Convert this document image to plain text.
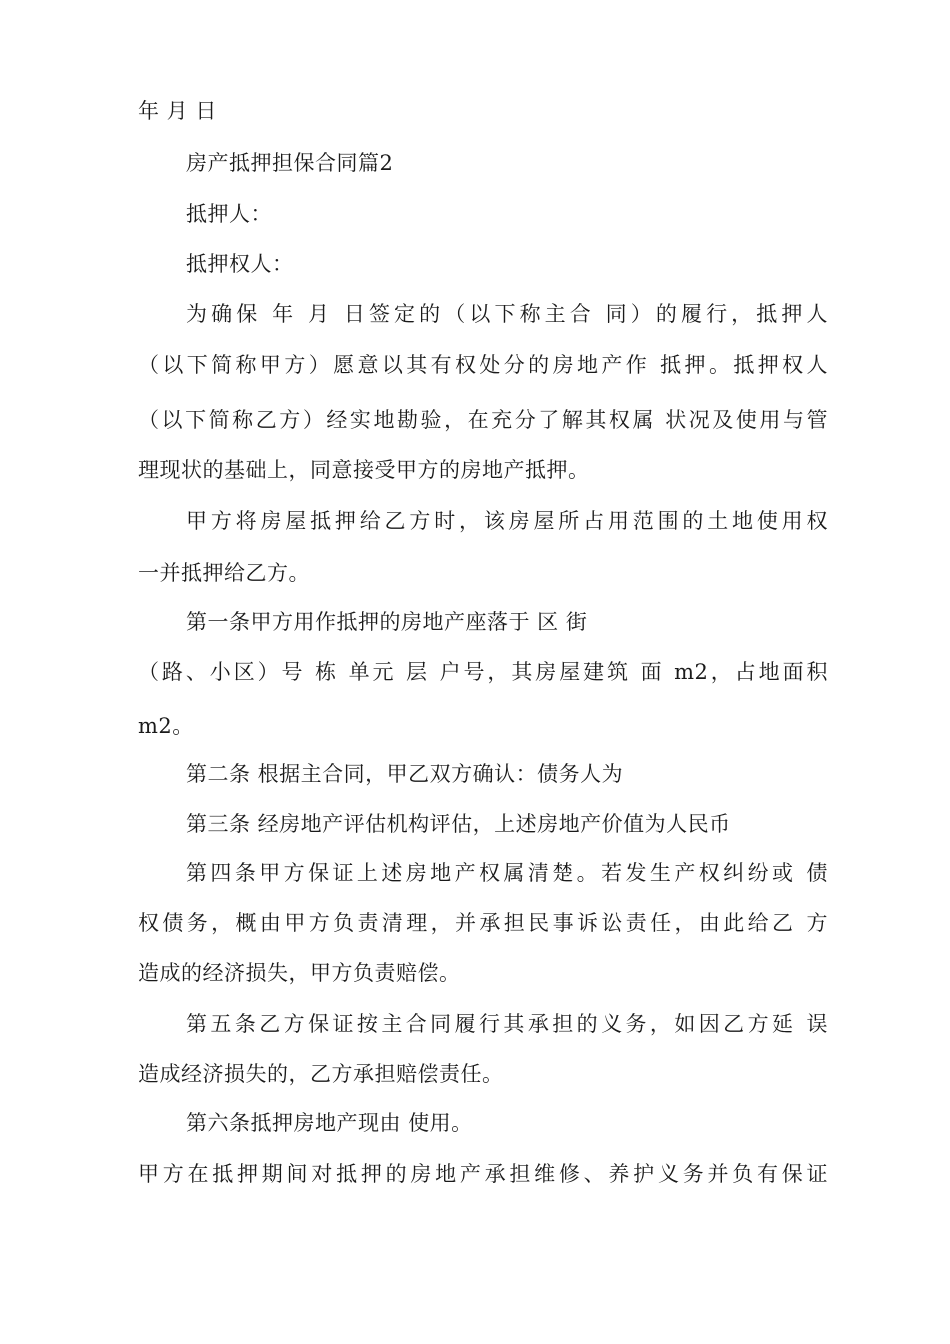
年 月 日
房产抵押担保合同篇2
抵押人：
抵押权人：
为确保 年 月 日签定的（以下称主合 同）的履行，抵押人
（以下简称甲方）愿意以其有权处分的房地产作 抵押。抵押权人
（以下简称乙方）经实地勘验，在充分了解其权属 状况及使用与管
理现状的基础上，同意接受甲方的房地产抵押。
甲方将房屋抵押给乙方时，该房屋所占用范围的土地使用权
一并抵押给乙方。
第一条甲方用作抵押的房地产座落于 区 街
（路、小区）号 栋 单元 层 户号，其房屋建筑 面 m2，占地面积
m2。
第二条 根据主合同，甲乙双方确认：债务人为
第三条 经房地产评估机构评估，上述房地产价值为人民币
第四条甲方保证上述房地产权属清楚。若发生产权纠纷或 债
权债务，概由甲方负责清理，并承担民事诉讼责任，由此给乙 方
造成的经济损失，甲方负责赔偿。
第五条乙方保证按主合同履行其承担的义务，如因乙方延 误
造成经济损失的，乙方承担赔偿责任。
第六条抵押房地产现由 使用。
甲方在抵押期间对抵押的房地产承担维修、养护义务并负有保证
